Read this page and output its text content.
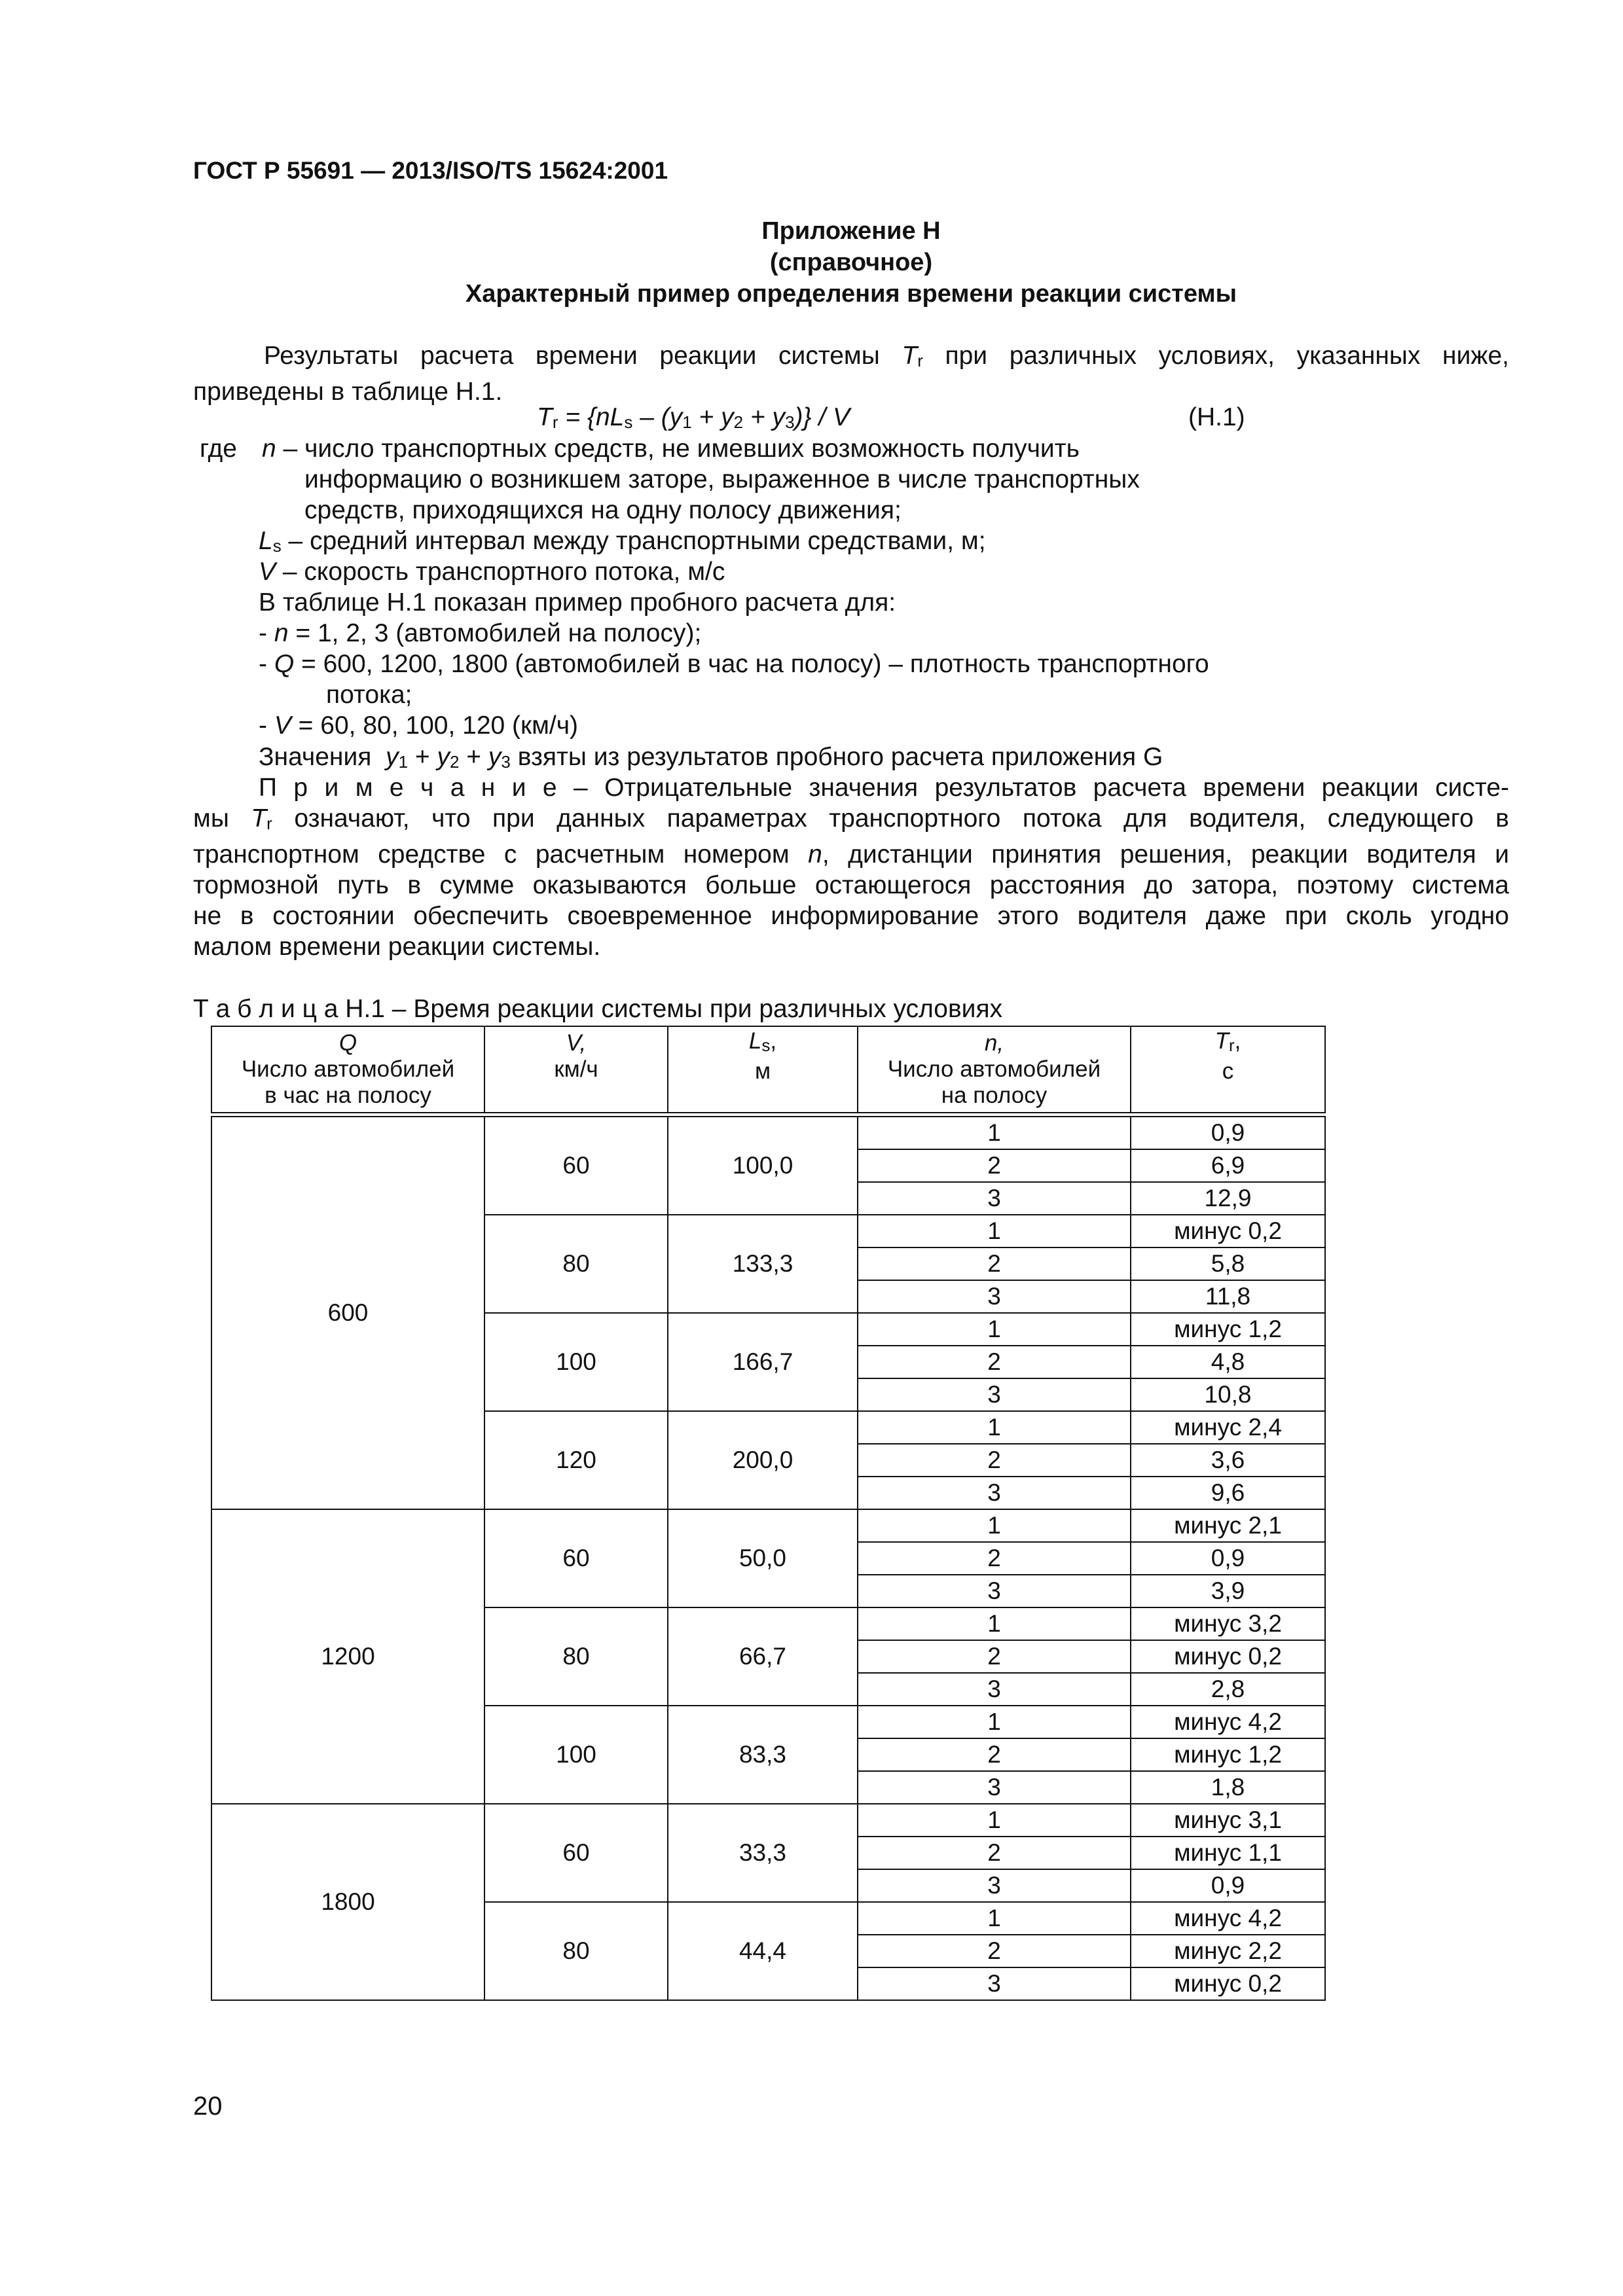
ГОСТ Р 55691 — 2013/ISO/TS 15624:2001
Приложение Н
(справочное)
Характерный пример определения времени реакции системы
Результаты расчета времени реакции системы $T_r$ при различных условиях, указанных ниже,
приведены в таблице Н.1.
$T_r = \{nL_s - (y_1 + y_2 + y_3)\} / V$	(Н.1)
где n – число транспортных средств, не имевших возможность получить
информацию о возникшем заторе, выраженное в числе транспортных
средств, приходящихся на одну полосу движения;
$L_s$ – средний интервал между транспортными средствами, м;
V – скорость транспортного потока, м/с
В таблице Н.1 показан пример пробного расчета для:
- n = 1, 2, 3 (автомобилей на полосу);
- Q = 600, 1200, 1800 (автомобилей в час на полосу) – плотность транспортного
потока;
- V = 60, 80, 100, 120 (км/ч)
Значения $y_1 + y_2 + y_3$ взяты из результатов пробного расчета приложения G
П р и м е ч а н и е – Отрицательные значения результатов расчета времени реакции систе-
мы $T_r$ означают, что при данных параметрах транспортного потока для водителя, следующего в
транспортном средстве с расчетным номером n, дистанции принятия решения, реакции водителя и
тормозной путь в сумме оказываются больше остающегося расстояния до затора, поэтому система
не в состоянии обеспечить своевременное информирование этого водителя даже при сколь угодно
малом времени реакции системы.
Т а б л и ц а Н.1 – Время реакции системы при различных условиях
Q
Число автомобилей
в час на полосу	V,
км/ч	$L_s$,
м	n,
Число автомобилей
на полосу	$T_r$,
с

600	60	100,0	1	0,9
			2	6,9
			3	12,9
	80	133,3	1	минус 0,2
			2	5,8
			3	11,8
	100	166,7	1	минус 1,2
			2	4,8
			3	10,8
	120	200,0	1	минус 2,4
			2	3,6
			3	9,6
1200	60	50,0	1	минус 2,1
			2	0,9
			3	3,9
	80	66,7	1	минус 3,2
			2	минус 0,2
			3	2,8
	100	83,3	1	минус 4,2
			2	минус 1,2
			3	1,8
1800	60	33,3	1	минус 3,1
			2	минус 1,1
			3	0,9
	80	44,4	1	минус 4,2
			2	минус 2,2
			3	минус 0,2
20
